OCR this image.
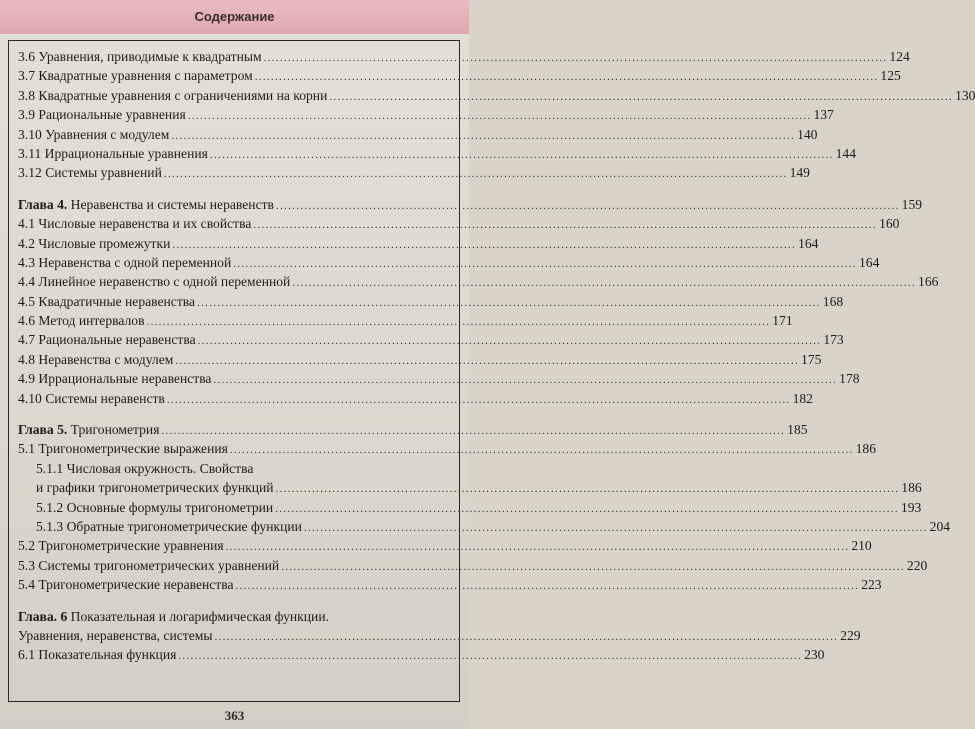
Содержание
3.6 Уравнения, приводимые к квадратным .....	124
3.7 Квадратные уравнения с параметром .....	125
3.8 Квадратные уравнения с ограничениями на корни .....	130
3.9 Рациональные уравнения .....	137
3.10 Уравнения с модулем .....	140
3.11 Иррациональные уравнения .....	144
3.12 Системы уравнений .....	149
Глава 4. Неравенства и системы неравенств .....	159
4.1 Числовые неравенства и их свойства .....	160
4.2 Числовые промежутки .....	164
4.3 Неравенства с одной переменной .....	164
4.4 Линейное неравенство с одной переменной .....	166
4.5 Квадратичные неравенства .....	168
4.6 Метод интервалов .....	171
4.7 Рациональные неравенства .....	173
4.8 Неравенства с модулем .....	175
4.9 Иррациональные неравенства .....	178
4.10 Системы неравенств .....	182
Глава 5. Тригонометрия .....	185
5.1 Тригонометрические выражения .....	186
5.1.1 Числовая окружность. Свойства
и графики тригонометрических функций .....	186
5.1.2 Основные формулы тригонометрии .....	193
5.1.3 Обратные тригонометрические функции .....	204
5.2 Тригонометрические уравнения .....	210
5.3 Системы тригонометрических уравнений .....	220
5.4 Тригонометрические неравенства .....	223
Глава. 6 Показательная и логарифмическая функции.
Уравнения, неравенства, системы .....	229
6.1 Показательная функция .....	230
363
